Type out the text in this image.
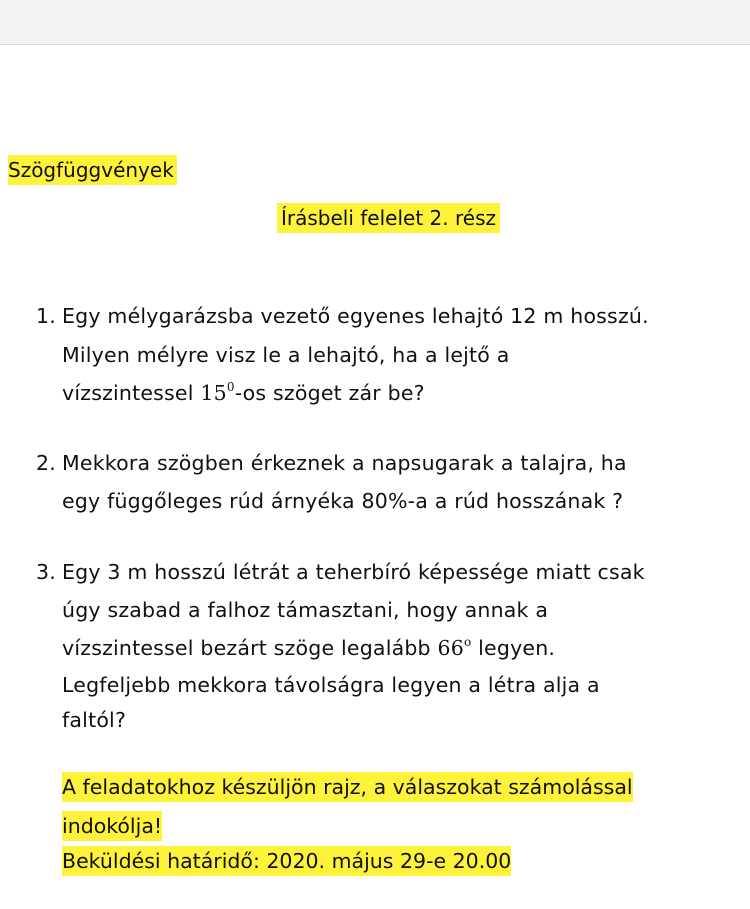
Szögfüggvények
Írásbeli felelet 2. rész
1. Egy mélygarázsba vezető egyenes lehajtó 12 m hosszú.
Milyen mélyre visz le a lehajtó, ha a lejtő a
vízszintessel $15^0-os$ szöget zár be?
2. Mekkora szögben érkeznek a napsugarak a talajra, ha
egy függőleges rúd árnyéka 80%-a a rúd hosszának ?
3. Egy 3 m hosszú létrát a teherbíró képessége miatt csak
úgy szabad a falhoz támasztani, hogy annak a
vízszintessel bezárt szöge legalább 66$^o$ legyen.
Legfeljebb mekkora távolságra legyen a létra alja a
faltól?
A feladatokhoz készüljön rajz, a válaszokat számolással
indokólja!
Beküldési határidő: 2020. május 29-e 20.00
